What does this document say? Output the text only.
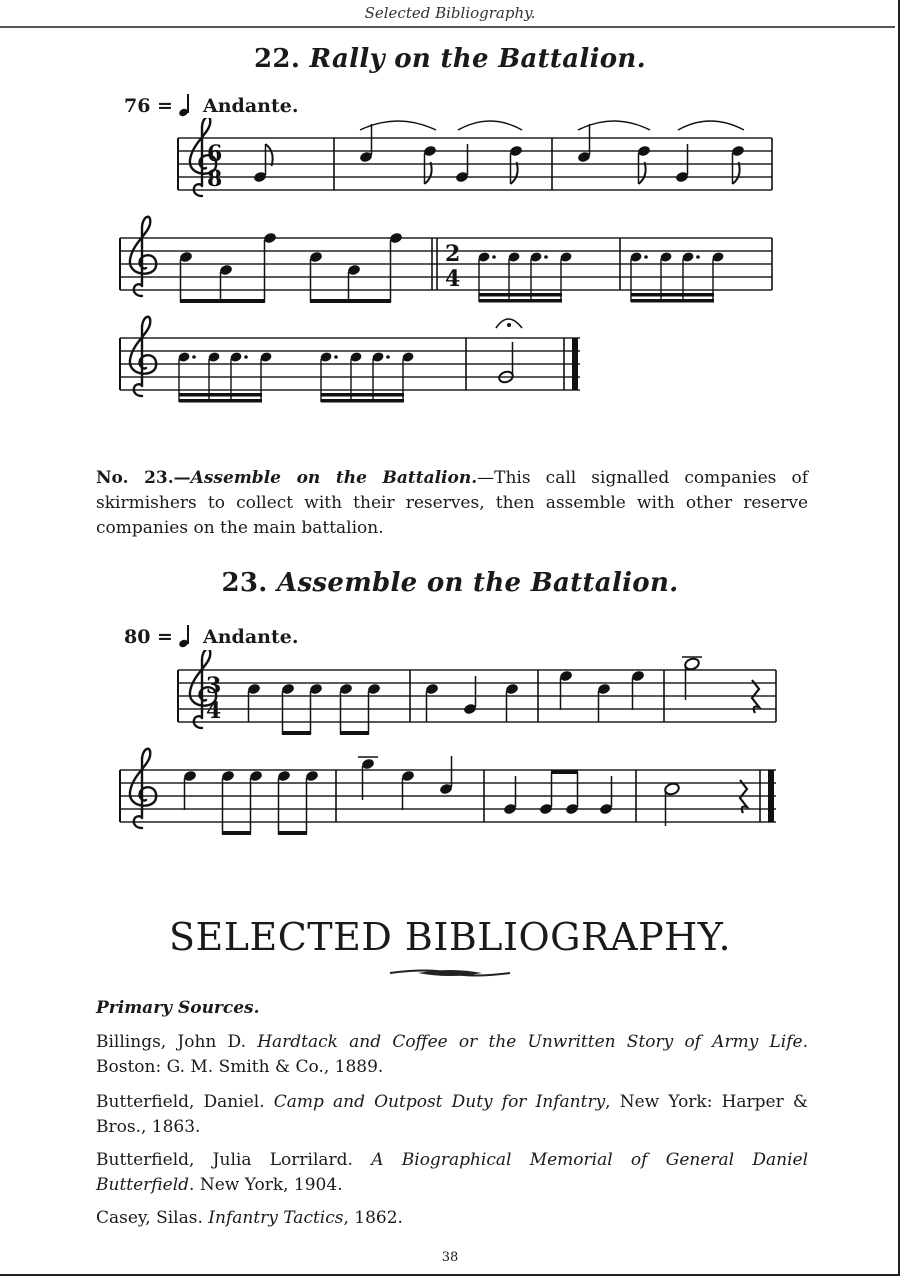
Selected Bibliography.
22. Rally on the Battalion.
76 = Andante.
6
8
2
4
No. 23.—Assemble on the Battalion.—This call signalled companies of skirmishers to collect with their reserves, then assemble with other reserve companies on the main battalion.
23. Assemble on the Battalion.
80 = Andante.
3
4
SELECTED BIBLIOGRAPHY.
Primary Sources.
Billings, John D. Hardtack and Coffee or the Unwritten Story of Army Life. Boston: G. M. Smith & Co., 1889.
Butterfield, Daniel. Camp and Outpost Duty for Infantry, New York: Harper & Bros., 1863.
Butterfield, Julia Lorrilard. A Biographical Memorial of General Daniel Butterfield. New York, 1904.
Casey, Silas. Infantry Tactics, 1862.
38
